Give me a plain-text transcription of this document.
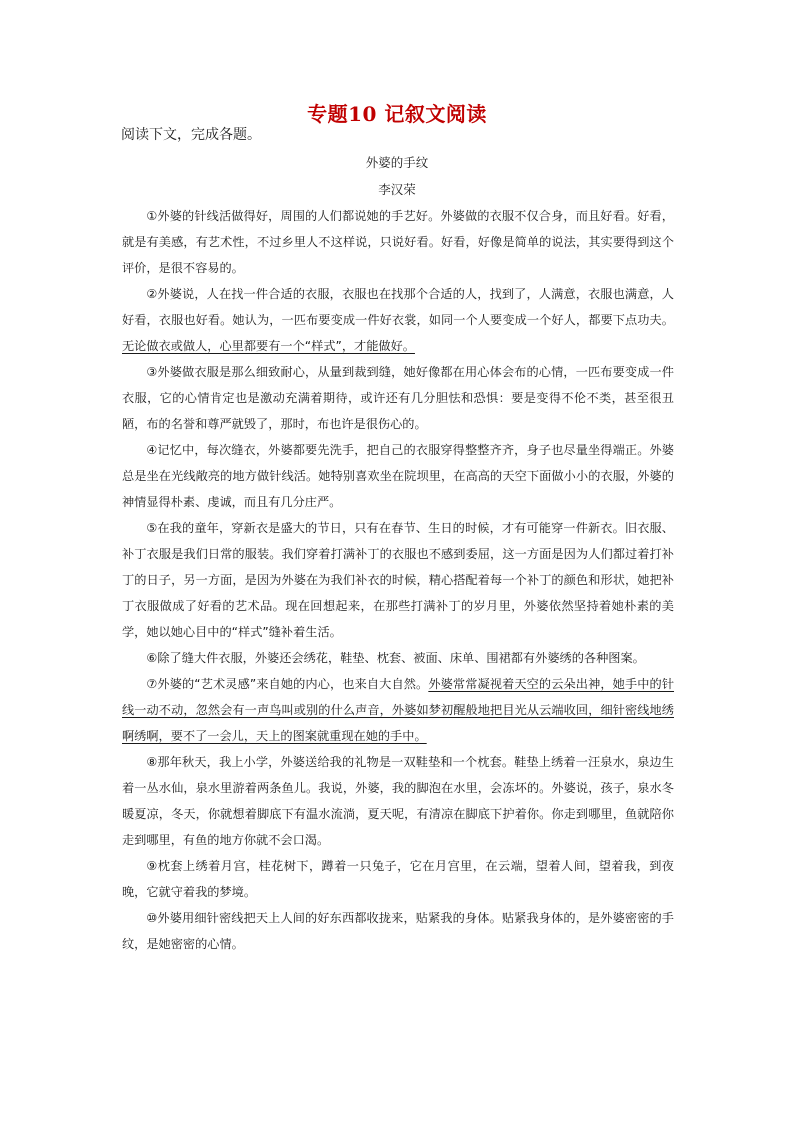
专题10 记叙文阅读
阅读下文，完成各题。
外婆的手纹
李汉荣

①外婆的针线活做得好，周围的人们都说她的手艺好。外婆做的衣服不仅合身，而且好看。好看，就是有美感，有艺术性，不过乡里人不这样说，只说好看。好看，好像是简单的说法，其实要得到这个评价，是很不容易的。

②外婆说，人在找一件合适的衣服，衣服也在找那个合适的人，找到了，人满意，衣服也满意，人好看，衣服也好看。她认为，一匹布要变成一件好衣裳，如同一个人要变成一个好人，都要下点功夫。无论做衣或做人，心里都要有一个“样式”，才能做好。

③外婆做衣服是那么细致耐心，从量到裁到缝，她好像都在用心体会布的心情，一匹布要变成一件衣服，它的心情肯定也是激动充满着期待，或许还有几分胆怯和恐惧：要是变得不伦不类，甚至很丑陋，布的名誉和尊严就毁了，那时，布也许是很伤心的。

④记忆中，每次缝衣，外婆都要先洗手，把自己的衣服穿得整整齐齐，身子也尽量坐得端正。外婆总是坐在光线敞亮的地方做针线活。她特别喜欢坐在院坝里，在高高的天空下面做小小的衣服，外婆的神情显得朴素、虔诚，而且有几分庄严。

⑤在我的童年，穿新衣是盛大的节日，只有在春节、生日的时候，才有可能穿一件新衣。旧衣服、补丁衣服是我们日常的服装。我们穿着打满补丁的衣服也不感到委屈，这一方面是因为人们都过着打补丁的日子，另一方面，是因为外婆在为我们补衣的时候，精心搭配着每一个补丁的颜色和形状，她把补丁衣服做成了好看的艺术品。现在回想起来，在那些打满补丁的岁月里，外婆依然坚持着她朴素的美学，她以她心目中的“样式”缝补着生活。

⑥除了缝大件衣服，外婆还会绣花，鞋垫、枕套、被面、床单、围裙都有外婆绣的各种图案。

⑦外婆的“艺术灵感”来自她的内心，也来自大自然。外婆常常凝视着天空的云朵出神，她手中的针线一动不动，忽然会有一声鸟叫或别的什么声音，外婆如梦初醒般地把目光从云端收回，细针密线地绣啊绣啊，要不了一会儿，天上的图案就重现在她的手中。

⑧那年秋天，我上小学，外婆送给我的礼物是一双鞋垫和一个枕套。鞋垫上绣着一汪泉水，泉边生着一丛水仙，泉水里游着两条鱼儿。我说，外婆，我的脚泡在水里，会冻坏的。外婆说，孩子，泉水冬暖夏凉，冬天，你就想着脚底下有温水流淌，夏天呢，有清凉在脚底下护着你。你走到哪里，鱼就陪你走到哪里，有鱼的地方你就不会口渴。

⑨枕套上绣着月宫，桂花树下，蹲着一只兔子，它在月宫里，在云端，望着人间，望着我，到夜晚，它就守着我的梦境。

⑩外婆用细针密线把天上人间的好东西都收拢来，贴紧我的身体。贴紧我身体的，是外婆密密的手纹，是她密密的心情。
